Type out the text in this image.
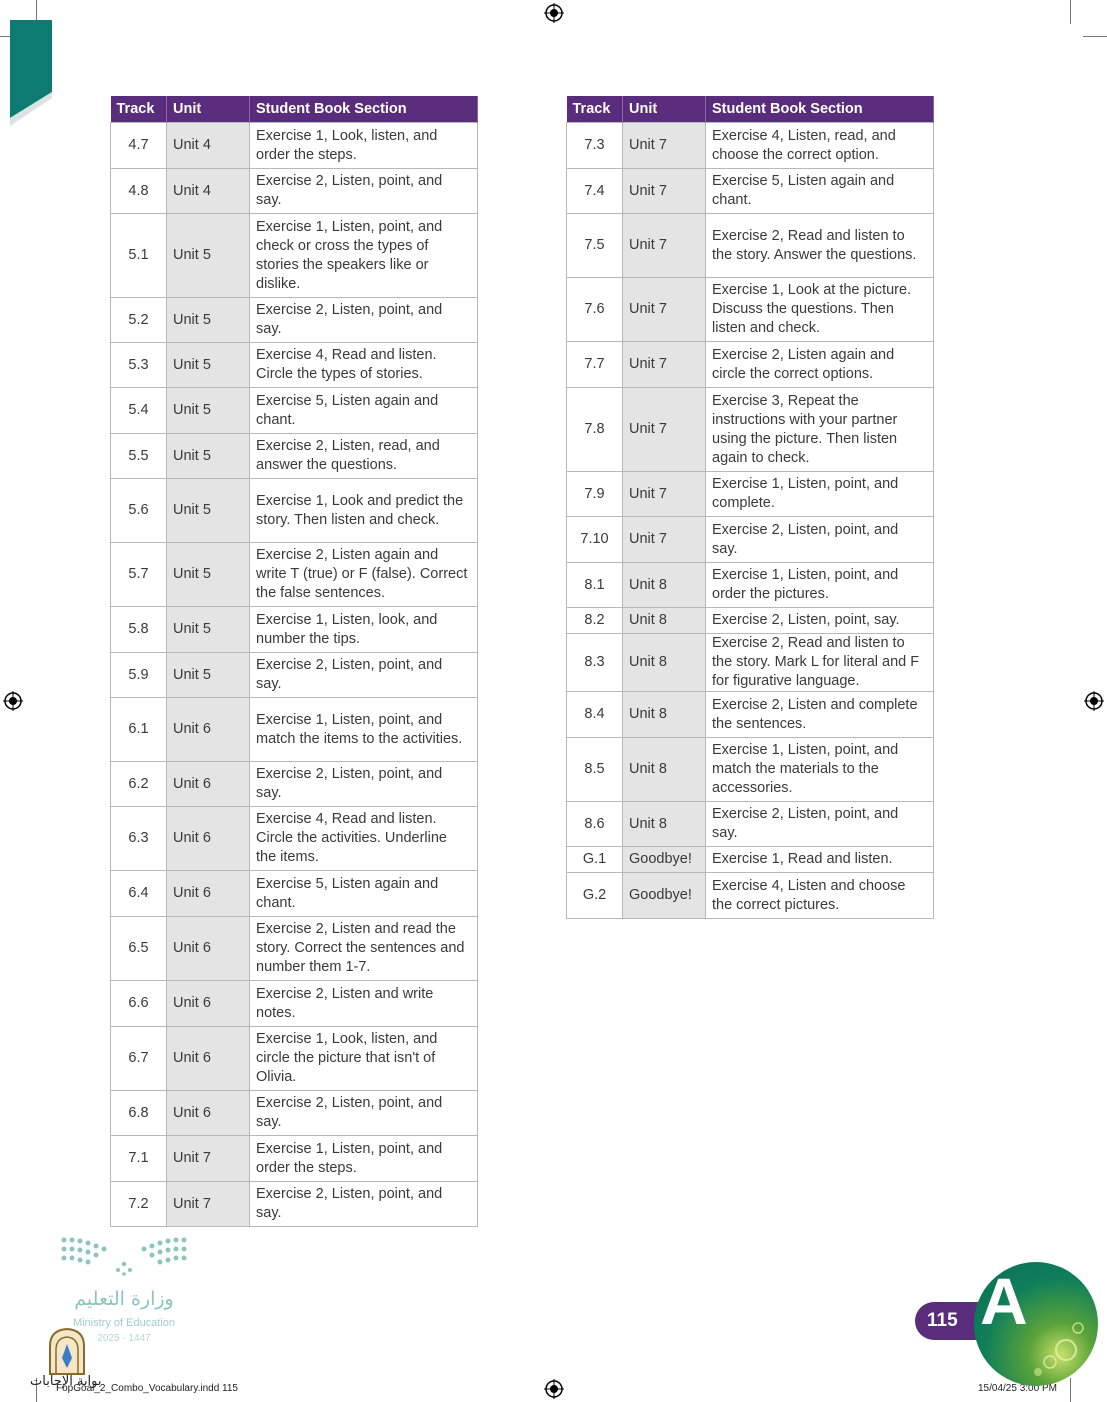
Track	Unit	Student Book Section
4.7	Unit 4	Exercise 1, Look, listen, and order the steps.
4.8	Unit 4	Exercise 2, Listen, point, and say.
5.1	Unit 5	Exercise 1, Listen, point, and check or cross the types of stories the speakers like or dislike.
5.2	Unit 5	Exercise 2, Listen, point, and say.
5.3	Unit 5	Exercise 4, Read and listen. Circle the types of stories.
5.4	Unit 5	Exercise 5, Listen again and chant.
5.5	Unit 5	Exercise 2, Listen, read, and answer the questions.
5.6	Unit 5	Exercise 1, Look and predict the story. Then listen and check.
5.7	Unit 5	Exercise 2, Listen again and write T (true) or F (false). Correct the false sentences.
5.8	Unit 5	Exercise 1, Listen, look, and number the tips.
5.9	Unit 5	Exercise 2, Listen, point, and say.
6.1	Unit 6	Exercise 1, Listen, point, and match the items to the activities.
6.2	Unit 6	Exercise 2, Listen, point, and say.
6.3	Unit 6	Exercise 4, Read and listen. Circle the activities. Underline the items.
6.4	Unit 6	Exercise 5, Listen again and chant.
6.5	Unit 6	Exercise 2, Listen and read the story. Correct the sentences and number them 1-7.
6.6	Unit 6	Exercise 2, Listen and write notes.
6.7	Unit 6	Exercise 1, Look, listen, and circle the picture that isn't of Olivia.
6.8	Unit 6	Exercise 2, Listen, point, and say.
7.1	Unit 7	Exercise 1, Listen, point, and order the steps.
7.2	Unit 7	Exercise 2, Listen, point, and say.
Track	Unit	Student Book Section
7.3	Unit 7	Exercise 4, Listen, read, and choose the correct option.
7.4	Unit 7	Exercise 5, Listen again and chant.
7.5	Unit 7	Exercise 2, Read and listen to the story. Answer the questions.
7.6	Unit 7	Exercise 1, Look at the picture. Discuss the questions. Then listen and check.
7.7	Unit 7	Exercise 2, Listen again and circle the correct options.
7.8	Unit 7	Exercise 3, Repeat the instructions with your partner using the picture. Then listen again to check.
7.9	Unit 7	Exercise 1, Listen, point, and complete.
7.10	Unit 7	Exercise 2, Listen, point, and say.
8.1	Unit 8	Exercise 1, Listen, point, and order the pictures.
8.2	Unit 8	Exercise 2, Listen, point, say.
8.3	Unit 8	Exercise 2, Read and listen to the story. Mark L for literal and F for figurative language.
8.4	Unit 8	Exercise 2, Listen and complete the sentences.
8.5	Unit 8	Exercise 1, Listen, point, and match the materials to the accessories.
8.6	Unit 8	Exercise 2, Listen, point, and say.
G.1	Goodbye!	Exercise 1, Read and listen.
G.2	Goodbye!	Exercise 4, Listen and choose the correct pictures.
وزارة التعليم
Ministry of Education
2025 - 1447
بوابة الإجابات
FopGoal_2_Combo_Vocabulary.indd 115	15/04/25 3:00 PM
115 A
